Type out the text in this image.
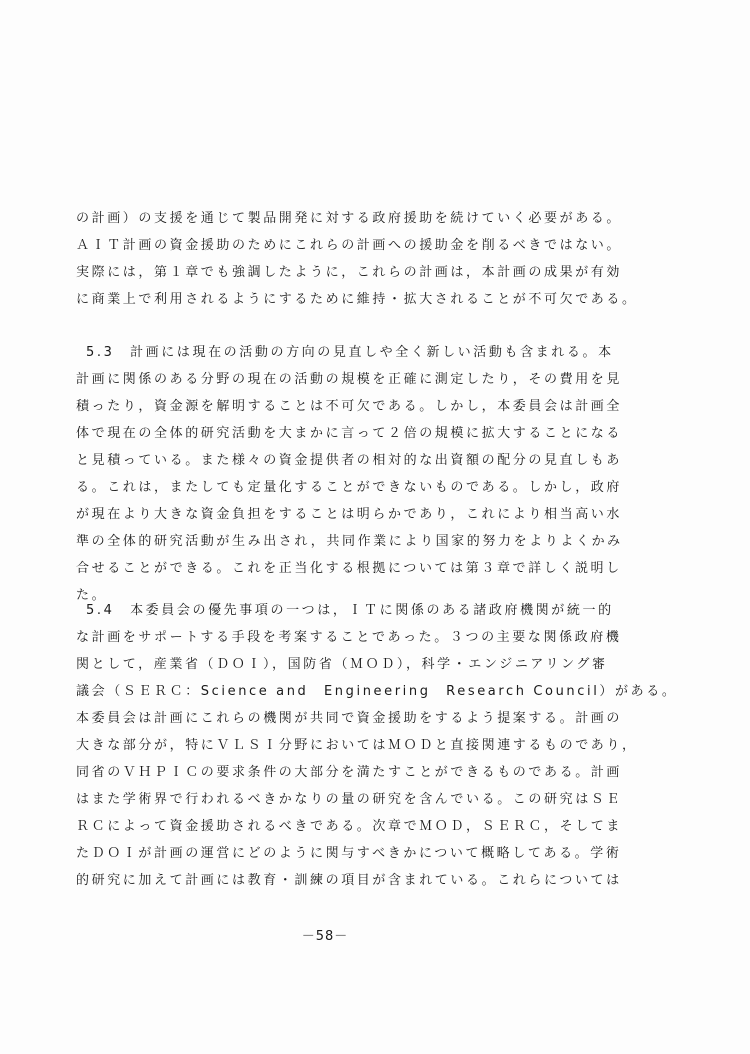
の計画）の支援を通じて製品開発に対する政府援助を続けていく必要がある。
ＡＩＴ計画の資金援助のためにこれらの計画への援助金を削るべきではない。
実際には，第１章でも強調したように，これらの計画は，本計画の成果が有効
に商業上で利用されるようにするために維持・拡大されることが不可欠である。
5.3　計画には現在の活動の方向の見直しや全く新しい活動も含まれる。本
計画に関係のある分野の現在の活動の規模を正確に測定したり，その費用を見
積ったり，資金源を解明することは不可欠である。しかし，本委員会は計画全
体で現在の全体的研究活動を大まかに言って２倍の規模に拡大することになる
と見積っている。また様々の資金提供者の相対的な出資額の配分の見直しもあ
る。これは，またしても定量化することができないものである。しかし，政府
が現在より大きな資金負担をすることは明らかであり，これにより相当高い水
準の全体的研究活動が生み出され，共同作業により国家的努力をよりよくかみ
合せることができる。これを正当化する根拠については第３章で詳しく説明し
た。
5.4　本委員会の優先事項の一つは，ＩＴに関係のある諸政府機関が統一的
な計画をサポートする手段を考案することであった。３つの主要な関係政府機
関として，産業省（ＤＯＩ），国防省（ＭＯＤ），科学・エンジニアリング審
議会（ＳＥＲＣ：Science and　Engineering　Research Council）がある。
本委員会は計画にこれらの機関が共同で資金援助をするよう提案する。計画の
大きな部分が，特にＶＬＳＩ分野においてはＭＯＤと直接関連するものであり，
同省のＶＨＰＩＣの要求条件の大部分を満たすことができるものである。計画
はまた学術界で行われるべきかなりの量の研究を含んでいる。この研究はＳＥ
ＲＣによって資金援助されるべきである。次章でＭＯＤ，ＳＥＲＣ，そしてま
たＤＯＩが計画の運営にどのように関与すべきかについて概略してある。学術
的研究に加えて計画には教育・訓練の項目が含まれている。これらについては
－58－
